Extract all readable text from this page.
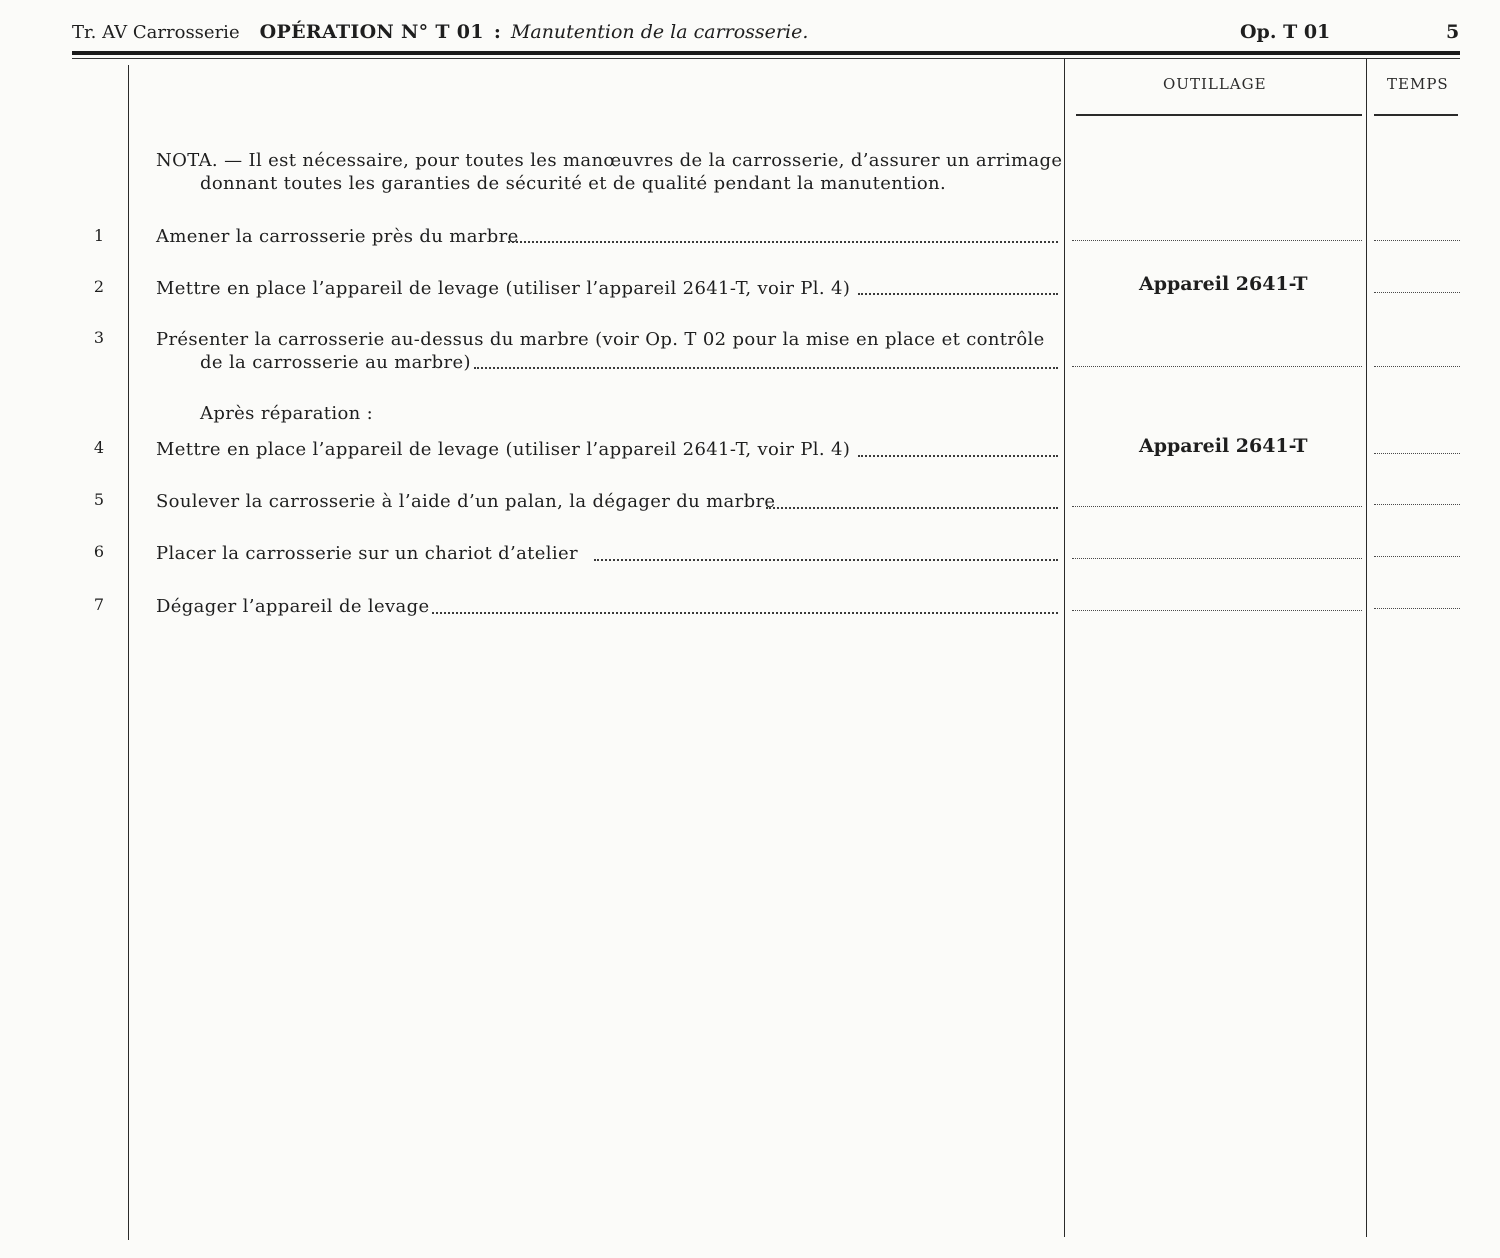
Tr. AV Carrosserie OPÉRATION N° T 01 : Manutention de la carrosserie.	Op. T 01	5
OUTILLAGE	TEMPS
NOTA. — Il est nécessaire, pour toutes les manœuvres de la carrosserie, d’assurer un arrimage
donnant toutes les garanties de sécurité et de qualité pendant la manutention.
1	Amener la carrosserie près du marbre
2	Mettre en place l’appareil de levage (utiliser l’appareil 2641-T, voir Pl. 4)	Appareil 2641-T
3	Présenter la carrosserie au-dessus du marbre (voir Op. T 02 pour la mise en place et contrôle
de la carrosserie au marbre)
Après réparation :
4	Mettre en place l’appareil de levage (utiliser l’appareil 2641-T, voir Pl. 4)	Appareil 2641-T
5	Soulever la carrosserie à l’aide d’un palan, la dégager du marbre
6	Placer la carrosserie sur un chariot d’atelier
7	Dégager l’appareil de levage
